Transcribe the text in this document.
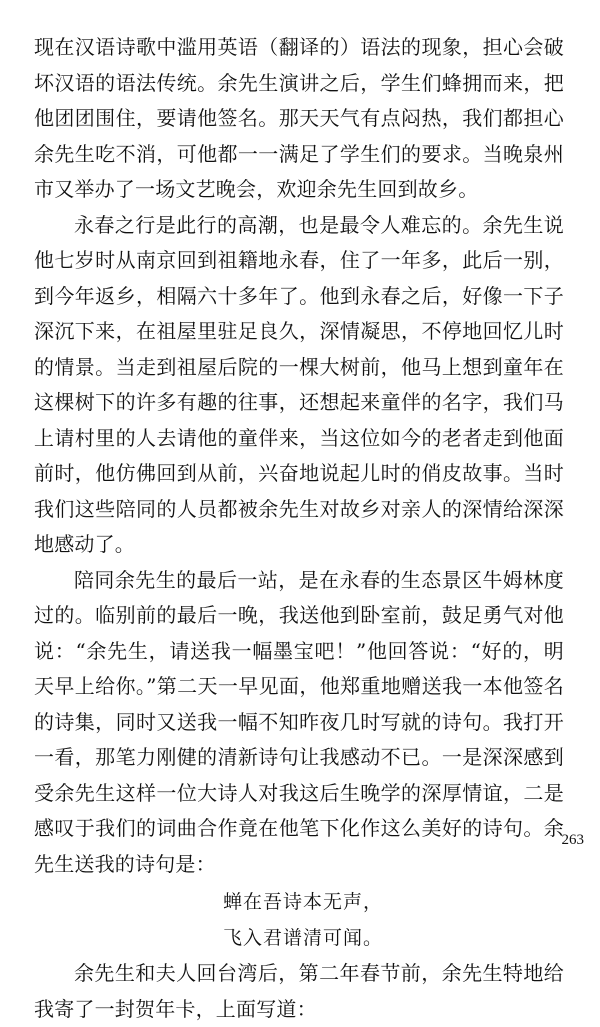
现在汉语诗歌中滥用英语（翻译的）语法的现象，担心会破坏汉语的语法传统。余先生演讲之后，学生们蜂拥而来，把他团团围住，要请他签名。那天天气有点闷热，我们都担心余先生吃不消，可他都一一满足了学生们的要求。当晚泉州市又举办了一场文艺晚会，欢迎余先生回到故乡。

永春之行是此行的高潮，也是最令人难忘的。余先生说他七岁时从南京回到祖籍地永春，住了一年多，此后一别，到今年返乡，相隔六十多年了。他到永春之后，好像一下子深沉下来，在祖屋里驻足良久，深情凝思，不停地回忆儿时的情景。当走到祖屋后院的一棵大树前，他马上想到童年在这棵树下的许多有趣的往事，还想起来童伴的名字，我们马上请村里的人去请他的童伴来，当这位如今的老者走到他面前时，他仿佛回到从前，兴奋地说起儿时的俏皮故事。当时我们这些陪同的人员都被余先生对故乡对亲人的深情给深深地感动了。

陪同余先生的最后一站，是在永春的生态景区牛姆林度过的。临别前的最后一晚，我送他到卧室前，鼓足勇气对他说：“余先生，请送我一幅墨宝吧！”他回答说：“好的，明天早上给你。”第二天一早见面，他郑重地赠送我一本他签名的诗集，同时又送我一幅不知昨夜几时写就的诗句。我打开一看，那笔力刚健的清新诗句让我感动不已。一是深深感到受余先生这样一位大诗人对我这后生晚学的深厚情谊，二是感叹于我们的词曲合作竟在他笔下化作这么美好的诗句。余先生送我的诗句是：

蝉在吾诗本无声，
飞入君谱清可闻。

余先生和夫人回台湾后，第二年春节前，余先生特地给我寄了一封贺年卡，上面写道：

263
